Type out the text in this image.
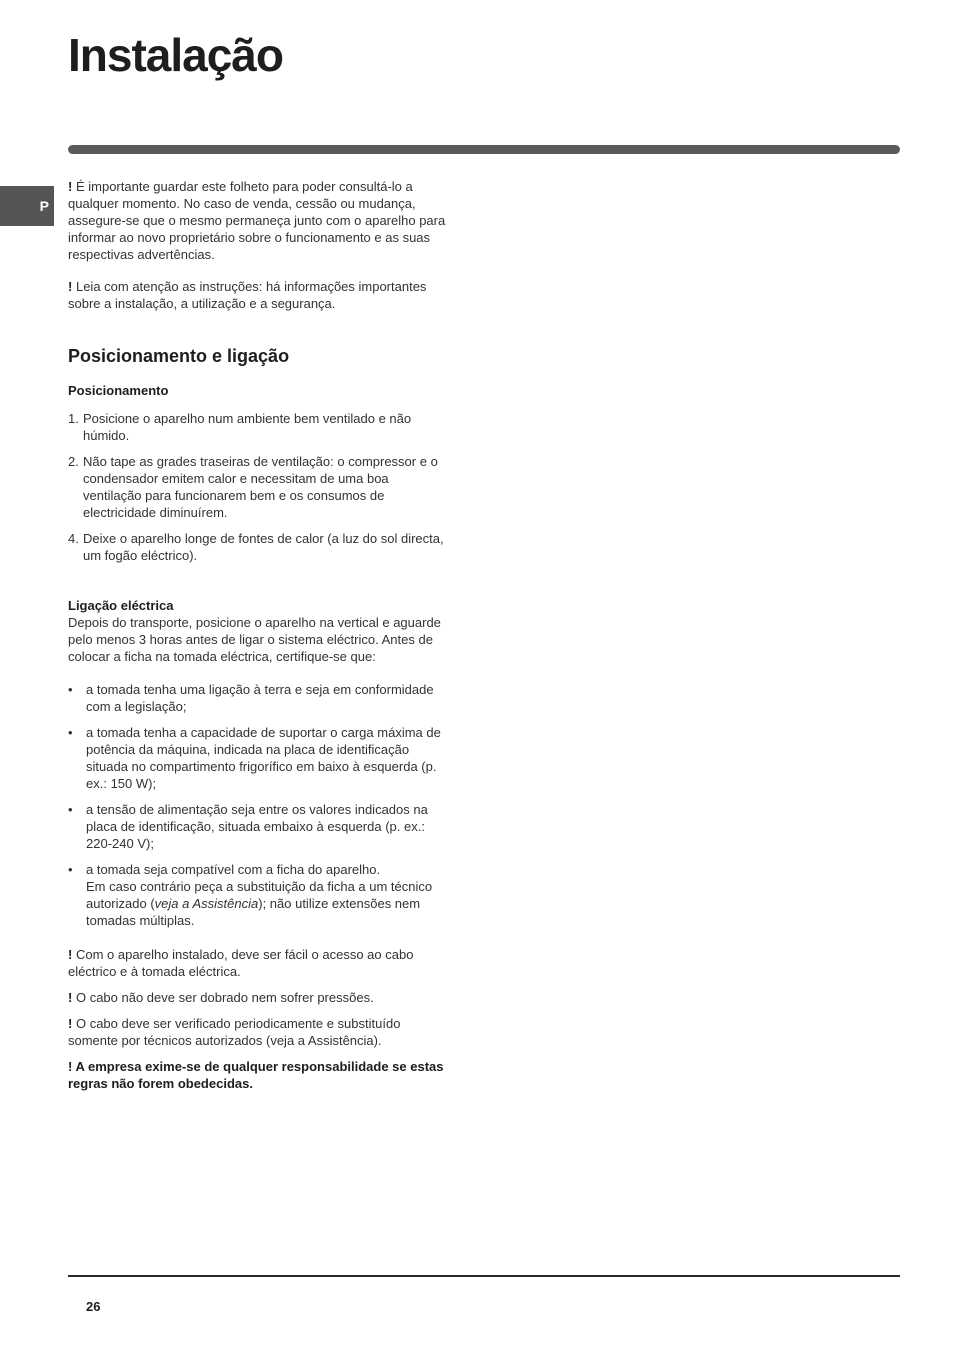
Instalação
P

! É importante guardar este folheto para poder consultá-lo a qualquer momento. No caso de venda, cessão ou mudança, assegure-se que o mesmo permaneça junto com o aparelho para informar ao novo proprietário sobre o funcionamento e as suas respectivas advertências.

! Leia com atenção as instruções: há informações importantes sobre a instalação, a utilização e a segurança.

Posicionamento e ligação
Posicionamento
1. Posicione o aparelho num ambiente bem ventilado e não húmido.
2. Não tape as grades traseiras de ventilação: o compressor e o condensador emitem calor e necessitam de uma boa ventilação para funcionarem bem e os consumos de electricidade diminuírem.
4. Deixe o aparelho longe de fontes de calor (a luz do sol directa, um fogão eléctrico).
Ligação eléctrica

Depois do transporte, posicione o aparelho na vertical e aguarde pelo menos 3 horas antes de ligar o sistema eléctrico. Antes de colocar a ficha na tomada eléctrica, certifique-se que:

• a tomada tenha uma ligação à terra e seja em conformidade com a legislação;
• a tomada tenha a capacidade de suportar o carga máxima de potência da máquina, indicada na placa de identificação situada no compartimento frigorífico em baixo à esquerda (p. ex.: 150 W);
• a tensão de alimentação seja entre os valores indicados na placa de identificação, situada embaixo à esquerda (p. ex.: 220-240 V);
• a tomada seja compatível com a ficha do aparelho.
Em caso contrário peça a substituição da ficha a um técnico autorizado (veja a Assistência); não utilize extensões nem tomadas múltiplas.

! Com o aparelho instalado, deve ser fácil o acesso ao cabo eléctrico e à tomada eléctrica.

! O cabo não deve ser dobrado nem sofrer pressões.

! O cabo deve ser verificado periodicamente e substituído somente por técnicos autorizados (veja a Assistência).

! A empresa exime-se de qualquer responsabilidade se estas regras não forem obedecidas.

26
